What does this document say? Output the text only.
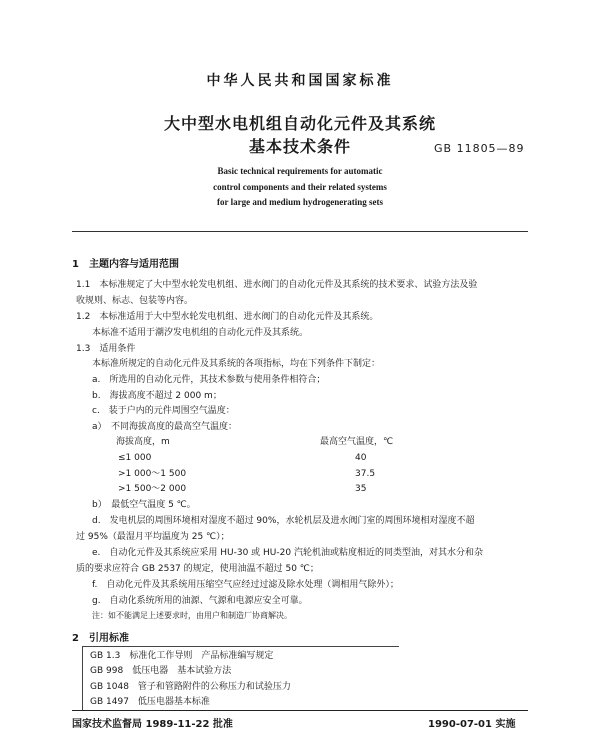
中华人民共和国国家标准
大中型水电机组自动化元件及其系统
基本技术条件	GB 11805—89
Basic technical requirements for automatic
control components and their related systems
for large and medium hydrogenerating sets
1　主题内容与适用范围
1.1　本标准规定了大中型水轮发电机组、进水阀门的自动化元件及其系统的技术要求、试验方法及验
收规则、标志、包装等内容。
1.2　本标准适用于大中型水轮发电机组、进水阀门的自动化元件及其系统。
本标准不适用于潮汐发电机组的自动化元件及其系统。
1.3　适用条件
本标准所规定的自动化元件及其系统的各项指标，均在下列条件下制定：
a.　所选用的自动化元件，其技术参数与使用条件相符合；
b.　海拔高度不超过 2 000 m；
c.　装于户内的元件周围空气温度：
a）　不同海拔高度的最高空气温度：
海拔高度，m	最高空气温度，℃
≤1 000	40
>1 000～1 500	37.5
>1 500～2 000	35
b）　最低空气温度 5 ℃。
d.　发电机层的周围环境相对湿度不超过 90%，水轮机层及进水阀门室的周围环境相对湿度不超
过 95%（最湿月平均温度为 25 ℃）；
e.　自动化元件及其系统应采用 HU-30 或 HU-20 汽轮机油或粘度相近的同类型油，对其水分和杂
质的要求应符合 GB 2537 的规定，使用油温不超过 50 ℃；
f.　自动化元件及其系统用压缩空气应经过过滤及除水处理（调相用气除外）；
g.　自动化系统所用的油源、气源和电源应安全可靠。
注：如不能满足上述要求时，由用户和制造厂协商解决。
2　引用标准
GB 1.3　标准化工作导则　产品标准编写规定
GB 998　低压电器　基本试验方法
GB 1048　管子和管路附件的公称压力和试验压力
GB 1497　低压电器基本标准
国家技术监督局 1989-11-22 批准	1990-07-01 实施
